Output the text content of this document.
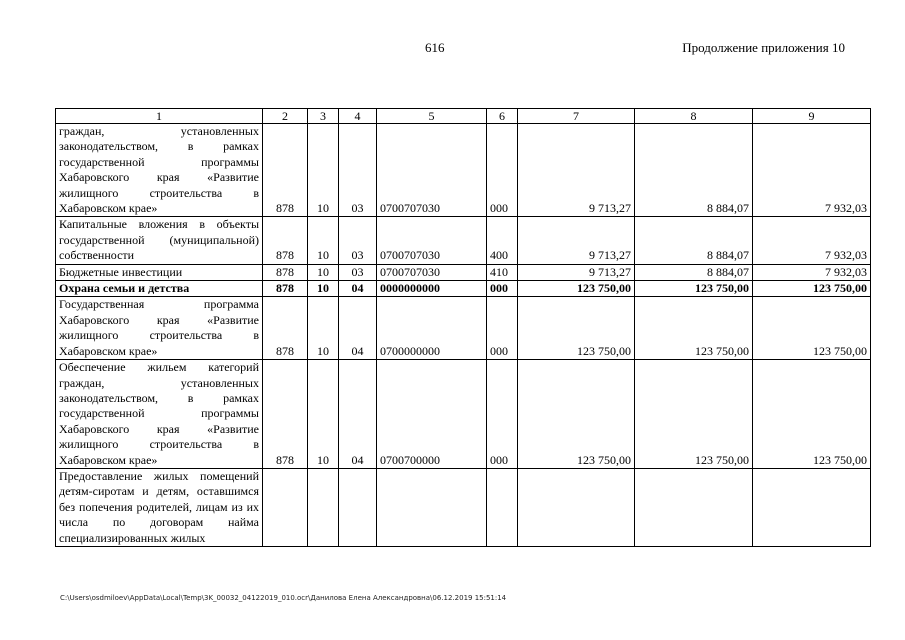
616	Продолжение приложения 10
1	2	3	4	5	6	7	8	9
граждан, установленных законодательством, в рамках государственной программы Хабаровского края «Развитие жилищного строительства в Хабаровском крае»	878	10	03	0700707030	000	9 713,27	8 884,07	7 932,03
Капитальные вложения в объекты государственной (муниципальной) собственности	878	10	03	0700707030	400	9 713,27	8 884,07	7 932,03
Бюджетные инвестиции	878	10	03	0700707030	410	9 713,27	8 884,07	7 932,03
Охрана семьи и детства	878	10	04	0000000000	000	123 750,00	123 750,00	123 750,00
Государственная программа Хабаровского края «Развитие жилищного строительства в Хабаровском крае»	878	10	04	0700000000	000	123 750,00	123 750,00	123 750,00
Обеспечение жильем категорий граждан, установленных законодательством, в рамках государственной программы Хабаровского края «Развитие жилищного строительства в Хабаровском крае»	878	10	04	0700700000	000	123 750,00	123 750,00	123 750,00
Предоставление жилых помещений детям-сиротам и детям, оставшимся без попечения родителей, лицам из их числа по договорам найма специализированных жилых								
C:\Users\osdmiloev\AppData\Local\Temp\3K_00032_04122019_010.ocr\Данилова Елена Александровна\06.12.2019 15:51:14
